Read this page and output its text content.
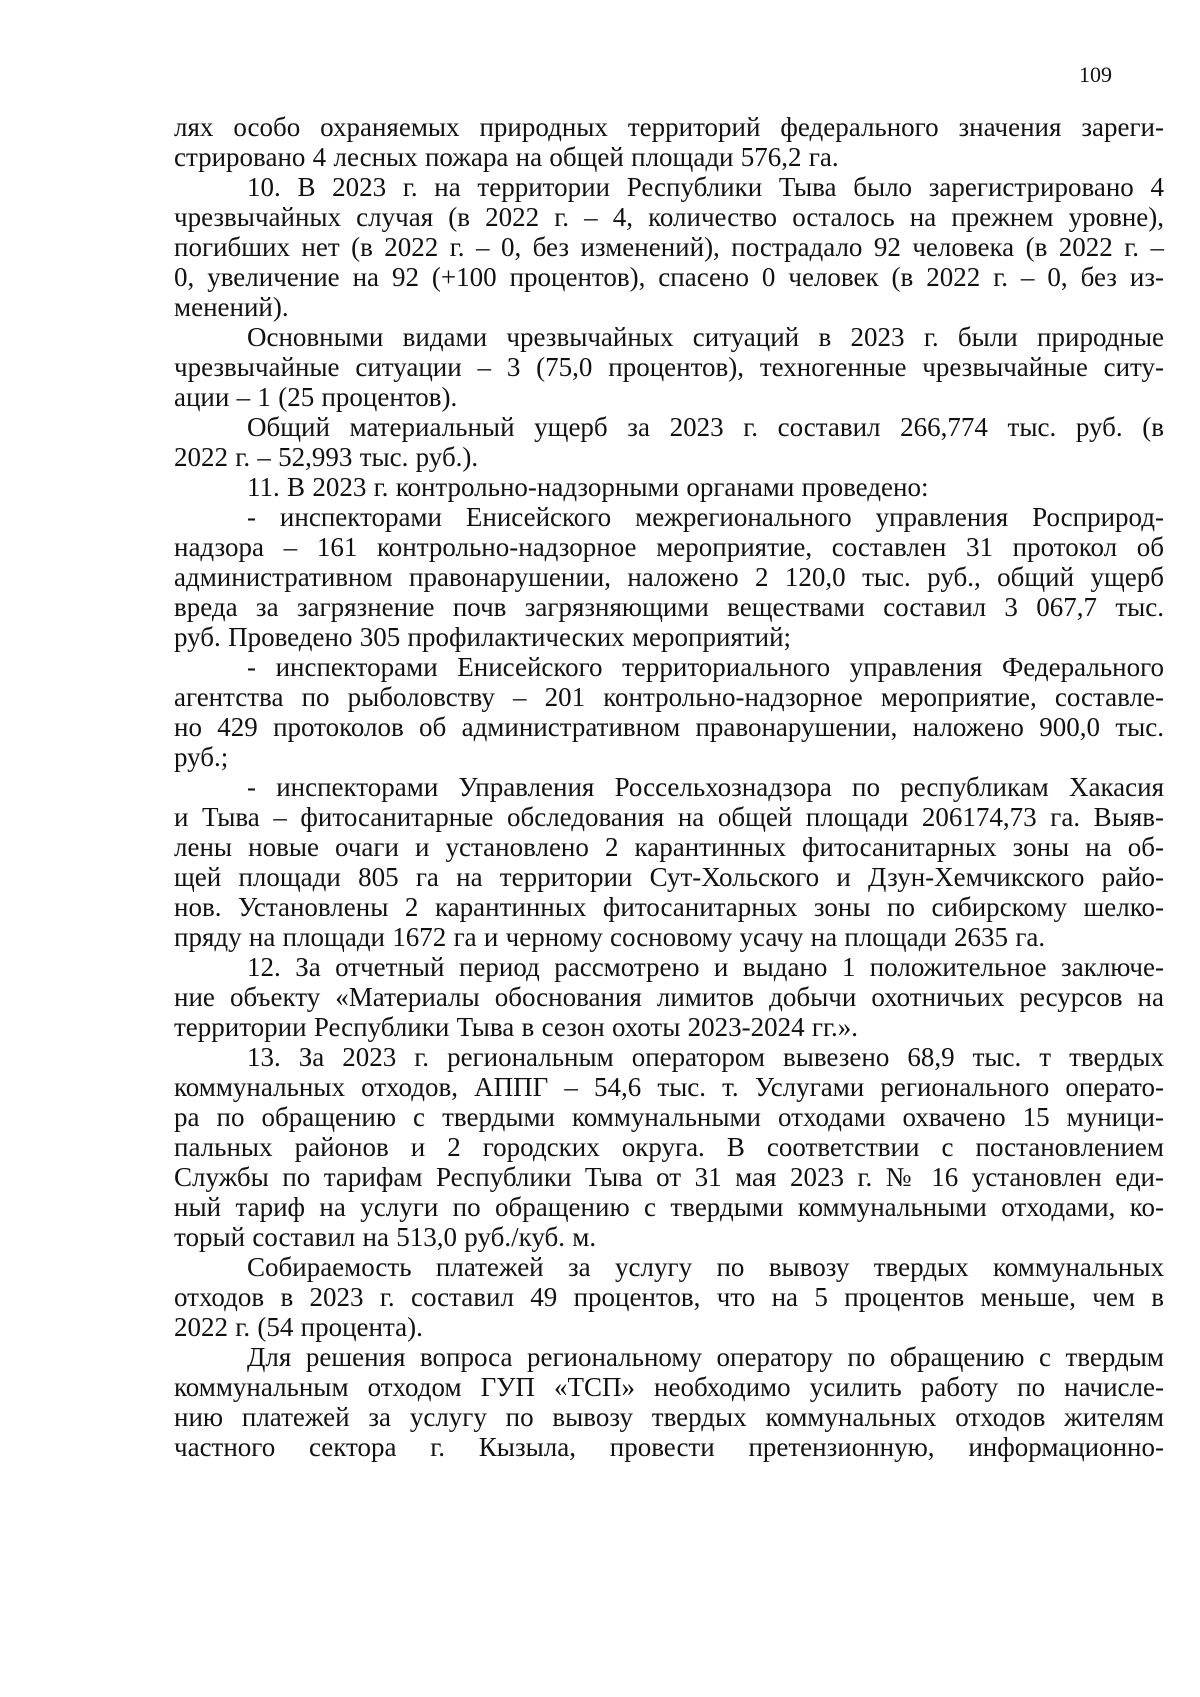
109
лях особо охраняемых природных территорий федерального значения зареги-
стрировано 4 лесных пожара на общей площади 576,2 га.
10. В 2023 г. на территории Республики Тыва было зарегистрировано 4
чрезвычайных случая (в 2022 г. – 4, количество осталось на прежнем уровне),
погибших нет (в 2022 г. – 0, без изменений), пострадало 92 человека (в 2022 г. –
0, увеличение на 92 (+100 процентов), спасено 0 человек (в 2022 г. – 0, без из-
менений).
Основными видами чрезвычайных ситуаций в 2023 г. были природные
чрезвычайные ситуации – 3 (75,0 процентов), техногенные чрезвычайные ситу-
ации – 1 (25 процентов).
Общий материальный ущерб за 2023 г. составил 266,774 тыс. руб. (в
2022 г. – 52,993 тыс. руб.).
11. В 2023 г. контрольно-надзорными органами проведено:
- инспекторами Енисейского межрегионального управления Росприрод-
надзора – 161 контрольно-надзорное мероприятие, составлен 31 протокол об
административном правонарушении, наложено 2 120,0 тыс. руб., общий ущерб
вреда за загрязнение почв загрязняющими веществами составил 3 067,7 тыс.
руб. Проведено 305 профилактических мероприятий;
- инспекторами Енисейского территориального управления Федерального
агентства по рыболовству – 201 контрольно-надзорное мероприятие, составле-
но 429 протоколов об административном правонарушении, наложено 900,0 тыс.
руб.;
- инспекторами Управления Россельхознадзора по республикам Хакасия
и Тыва – фитосанитарные обследования на общей площади 206174,73 га. Выяв-
лены новые очаги и установлено 2 карантинных фитосанитарных зоны на об-
щей площади 805 га на территории Сут-Хольского и Дзун-Хемчикского райо-
нов. Установлены 2 карантинных фитосанитарных зоны по сибирскому шелко-
пряду на площади 1672 га и черному сосновому усачу на площади 2635 га.
12. За отчетный период рассмотрено и выдано 1 положительное заключе-
ние объекту «Материалы обоснования лимитов добычи охотничьих ресурсов на
территории Республики Тыва в сезон охоты 2023-2024 гг.».
13. За 2023 г. региональным оператором вывезено 68,9 тыс. т твердых
коммунальных отходов, АППГ – 54,6 тыс. т. Услугами регионального операто-
ра по обращению с твердыми коммунальными отходами охвачено 15 муници-
пальных районов и 2 городских округа. В соответствии с постановлением
Службы по тарифам Республики Тыва от 31 мая 2023 г. № 16 установлен еди-
ный тариф на услуги по обращению с твердыми коммунальными отходами, ко-
торый составил на 513,0 руб./куб. м.
Собираемость платежей за услугу по вывозу твердых коммунальных
отходов в 2023 г. составил 49 процентов, что на 5 процентов меньше, чем в
2022 г. (54 процента).
Для решения вопроса региональному оператору по обращению с твердым
коммунальным отходом ГУП «ТСП» необходимо усилить работу по начисле-
нию платежей за услугу по вывозу твердых коммунальных отходов жителям
частного сектора г. Кызыла, провести претензионную, информационно-
